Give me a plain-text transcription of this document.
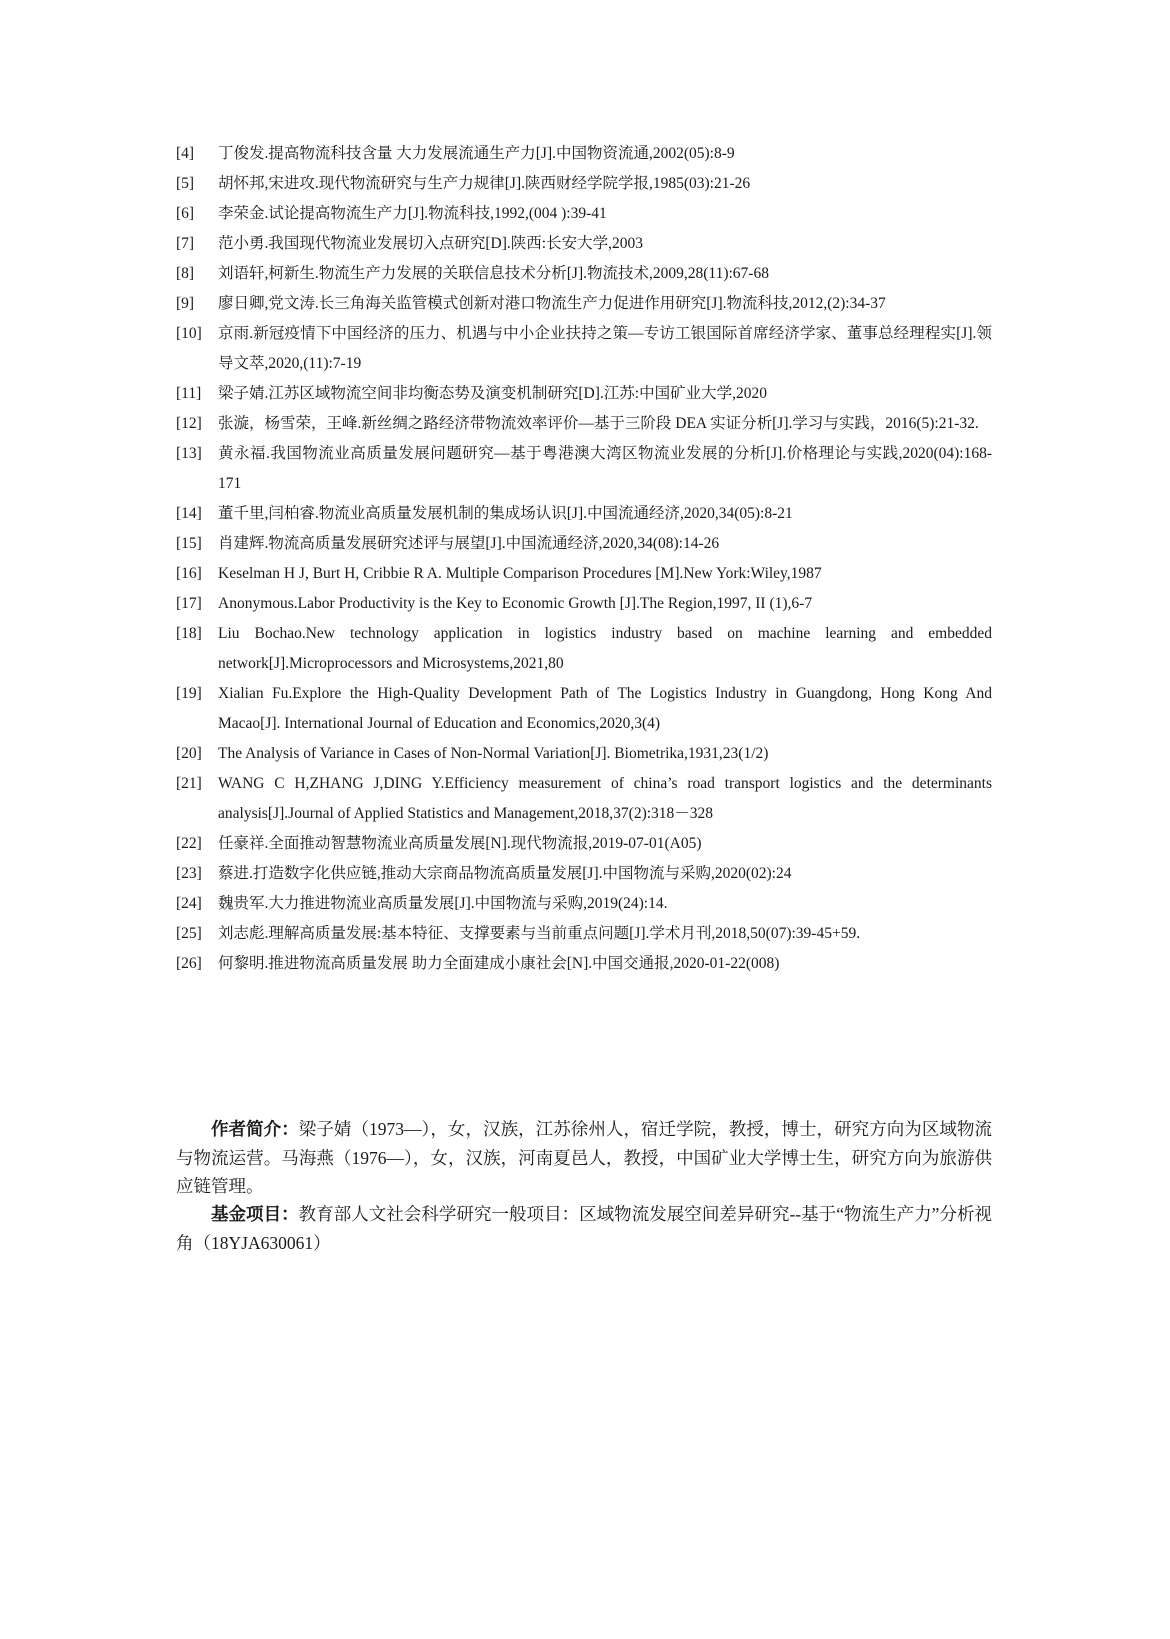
[4]	丁俊发.提高物流科技含量 大力发展流通生产力[J].中国物资流通,2002(05):8-9
[5]	胡怀邦,宋进攻.现代物流研究与生产力规律[J].陕西财经学院学报,1985(03):21-26
[6]	李荣金.试论提高物流生产力[J].物流科技,1992,(004 ):39-41
[7]	范小勇.我国现代物流业发展切入点研究[D].陕西:长安大学,2003
[8]	刘语轩,柯新生.物流生产力发展的关联信息技术分析[J].物流技术,2009,28(11):67-68
[9]	廖日卿,党文涛.长三角海关监管模式创新对港口物流生产力促进作用研究[J].物流科技,2012,(2):34-37
[10]	京雨.新冠疫情下中国经济的压力、机遇与中小企业扶持之策—专访工银国际首席经济学家、董事总经理程实[J].领导文萃,2020,(11):7-19
[11]	梁子婧.江苏区域物流空间非均衡态势及演变机制研究[D].江苏:中国矿业大学,2020
[12]	张漩，杨雪荣，王峰.新丝绸之路经济带物流效率评价—基于三阶段 DEA 实证分析[J].学习与实践，2016(5):21-32.
[13]	黄永福.我国物流业高质量发展问题研究—基于粤港澳大湾区物流业发展的分析[J].价格理论与实践,2020(04):168-171
[14]	董千里,闫柏睿.物流业高质量发展机制的集成场认识[J].中国流通经济,2020,34(05):8-21
[15]	肖建辉.物流高质量发展研究述评与展望[J].中国流通经济,2020,34(08):14-26
[16]	Keselman H J, Burt H, Cribbie R A. Multiple Comparison Procedures [M].New York:Wiley,1987
[17]	Anonymous.Labor Productivity is the Key to Economic Growth [J].The Region,1997, II (1),6-7
[18]	Liu Bochao.New technology application in logistics industry based on machine learning and embedded network[J].Microprocessors and Microsystems,2021,80
[19]	Xialian Fu.Explore the High-Quality Development Path of The Logistics Industry in Guangdong, Hong Kong And Macao[J]. International Journal of Education and Economics,2020,3(4)
[20]	The Analysis of Variance in Cases of Non-Normal Variation[J]. Biometrika,1931,23(1/2)
[21]	WANG C H,ZHANG J,DING Y.Efficiency measurement of china’s road transport logistics and the determinants analysis[J].Journal of Applied Statistics and Management,2018,37(2):318－328
[22]	任豪祥.全面推动智慧物流业高质量发展[N].现代物流报,2019-07-01(A05)
[23]	蔡进.打造数字化供应链,推动大宗商品物流高质量发展[J].中国物流与采购,2020(02):24
[24]	魏贵军.大力推进物流业高质量发展[J].中国物流与采购,2019(24):14.
[25]	刘志彪.理解高质量发展:基本特征、支撑要素与当前重点问题[J].学术月刊,2018,50(07):39-45+59.
[26]	何黎明.推进物流高质量发展 助力全面建成小康社会[N].中国交通报,2020-01-22(008)

作者简介：梁子婧（1973—），女，汉族，江苏徐州人，宿迁学院，教授，博士，研究方向为区域物流与物流运营。马海燕（1976—），女，汉族，河南夏邑人，教授，中国矿业大学博士生，研究方向为旅游供应链管理。

基金项目：教育部人文社会科学研究一般项目：区域物流发展空间差异研究--基于“物流生产力”分析视角（18YJA630061）
